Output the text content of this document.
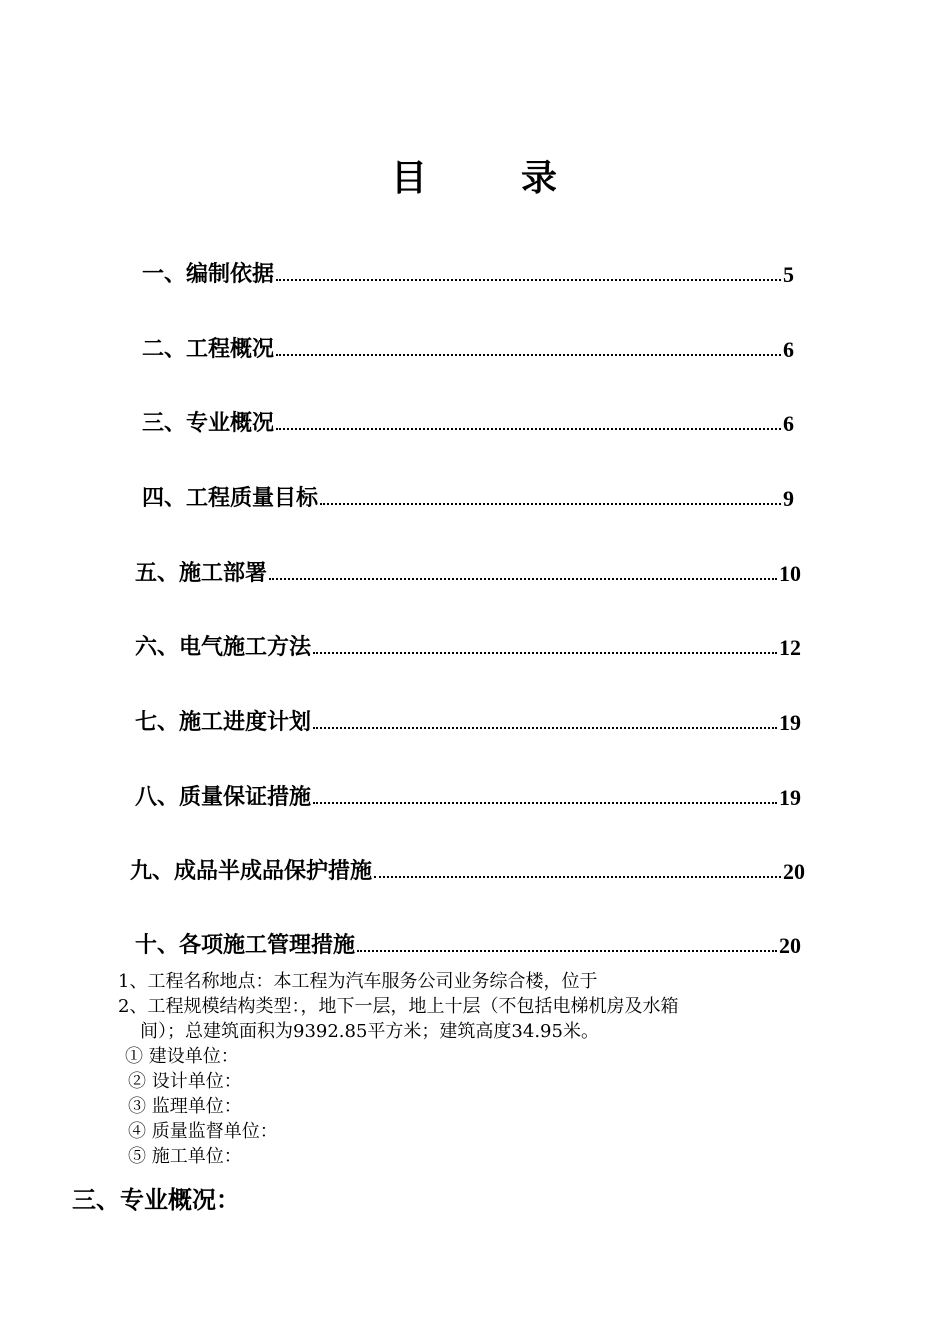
目	录
一、编制依据	5
二、工程概况	6
三、专业概况	6
四、工程质量目标	9
五、施工部署	10
六、电气施工方法	12
七、施工进度计划	19
八、质量保证措施	19
九、成品半成品保护措施	20
十、各项施工管理措施	20
1、工程名称地点：本工程为汽车服务公司业务综合楼，位于
2、工程规模结构类型：，地下一层，地上十层（不包括电梯机房及水箱
间）；总建筑面积为9392.85平方米；建筑高度34.95米。
① 建设单位：
② 设计单位：
③ 监理单位：
④ 质量监督单位：
⑤ 施工单位：
三、专业概况：
